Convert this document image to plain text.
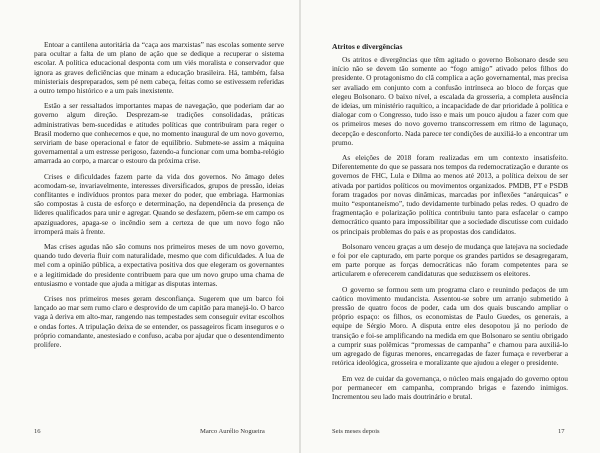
Entoar a cantilena autoritária da “caça aos marxistas” nas escolas somente serve para ocultar a falta de um plano de ação que se dedique a recuperar o sistema escolar. A política educacional desponta com um viés moralista e conservador que ignora as graves deficiências que minam a educação brasileira. Há, também, falsa ministeriais despreparados, sem pé nem cabeça, feitas como se estivessem referidas a outro tempo histórico e a um país inexistente.

Estão a ser ressaltados importantes mapas de navegação, que poderiam dar ao governo algum direção. Desprezam-se tradições consolidadas, práticas administrativas bem-sucedidas e atitudes políticas que contribuíram para reger o Brasil moderno que conhecemos e que, no momento inaugural de um novo governo, serviriam de base operacional e fator de equilíbrio. Submete-se assim a máquina governamental a um estresse perigoso, fazendo-a funcionar com uma bomba-relógio amarrada ao corpo, a marcar o estouro da próxima crise.

Crises e dificuldades fazem parte da vida dos governos. No âmago deles acomodam-se, invariavelmente, interesses diversificados, grupos de pressão, ideias conflitantes e indivíduos prontos para mexer do poder, que embriaga. Harmonias são compostas à custa de esforço e determinação, na dependência da presença de líderes qualificados para unir e agregar. Quando se desfazem, põem-se em campo os apaziguadores, apaga-se o incêndio sem a certeza de que um novo fogo não irromperá mais à frente.

Mas crises agudas não são comuns nos primeiros meses de um novo governo, quando tudo deveria fluir com naturalidade, mesmo que com dificuldades. A lua de mel com a opinião pública, a expectativa positiva dos que elegeram os governantes e a legitimidade do presidente contribuem para que um novo grupo uma chama de entusiasmo e vontade que ajuda a mitigar as disputas internas.

Crises nos primeiros meses geram desconfiança. Sugerem que um barco foi lançado ao mar sem rumo claro e desprovido de um capitão para manejá-lo. O barco vaga à deriva em alto-mar, rangendo nas tempestades sem conseguir evitar escolhos e ondas fortes. A tripulação deixa de se entender, os passageiros ficam inseguros e o próprio comandante, anestesiado e confuso, acaba por ajudar que o desentendimento prolifere.

Atritos e divergências

Os atritos e divergências que têm agitado o governo Bolsonaro desde seu início não se devem tão somente ao “fogo amigo” ativado pelos filhos do presidente. O protagonismo do clã complica a ação governamental, mas precisa ser avaliado em conjunto com a confusão intrínseca ao bloco de forças que elegeu Bolsonaro. O baixo nível, a escalada da grosseria, a completa ausência de ideias, um ministério raquítico, a incapacidade de dar prioridade à política e dialogar com o Congresso, tudo isso e mais um pouco ajudou a fazer com que os primeiros meses do novo governo transcorressem em ritmo de lagunaço, decepção e desconforto. Nada parece ter condições de auxiliá-lo a encontrar um prumo.

As eleições de 2018 foram realizadas em um contexto insatisfeito. Diferentemente do que se passara nos tempos da redemocratização e durante os governos de FHC, Lula e Dilma ao menos até 2013, a política deixou de ser ativada por partidos políticos ou movimentos organizados. PMDB, PT e PSDB foram tragados por novas dinâmicas, marcadas por inflexões “anárquicas” e muito “espontaneísmo”, tudo devidamente turbinado pelas redes. O quadro de fragmentação e polarização política contribuiu tanto para esfacelar o campo democrático quanto para impossibilitar que a sociedade discutisse com cuidado os principais problemas do país e as propostas dos candidatos.

Bolsonaro venceu graças a um desejo de mudança que latejava na sociedade e foi por ele capturado, em parte porque os grandes partidos se desagregaram, em parte porque as forças democráticas não foram competentes para se articularem e oferecerem candidaturas que seduzissem os eleitores.

O governo se formou sem um programa claro e reunindo pedaços de um caótico movimento mudancista. Assentou-se sobre um arranjo submetido à pressão de quatro focos de poder, cada um dos quais buscando ampliar o próprio espaço: os filhos, os economistas de Paulo Guedes, os generais, a equipe de Sérgio Moro. A disputa entre eles desopotou já no período de transição e foi-se amplificando na medida em que Bolsonaro se sentiu obrigado a cumprir suas polêmicas “promessas de campanha” e chamou para auxiliá-lo um agregado de figuras menores, encarregadas de fazer fumaça e reverberar a retórica ideológica, grosseira e moralizante que ajudou a eleger o presidente.

Em vez de cuidar da governança, o núcleo mais engajado do governo optou por permanecer em campanha, comprando brigas e fazendo inimigos. Incrementou seu lado mais doutrinário e brutal.

16	Marco Aurélio Nogueira	Seis meses depois	17
